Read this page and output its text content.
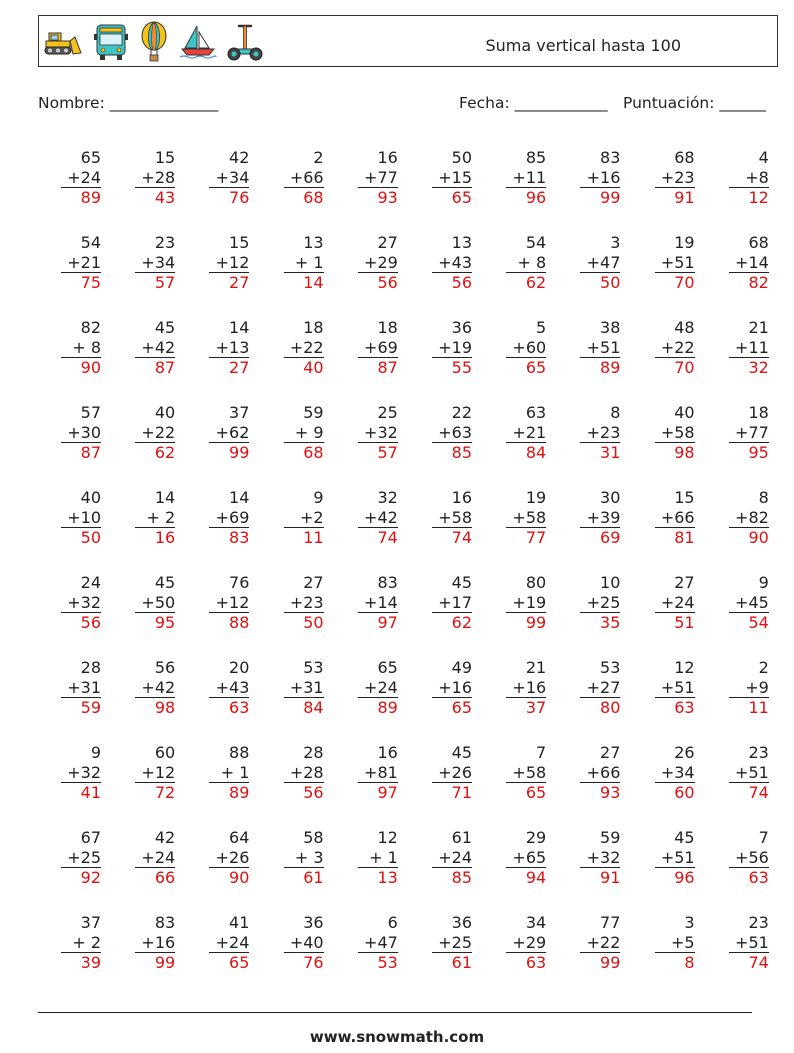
Suma vertical hasta 100
Nombre: ______________	Fecha: ____________ Puntuación: ______
65
+24
89
15
+28
43
42
+34
76
2
+66
68
16
+77
93
50
+15
65
85
+11
96
83
+16
99
68
+23
91
4
+8
12
54
+21
75
23
+34
57
15
+12
27
13
+ 1
14
27
+29
56
13
+43
56
54
+ 8
62
3
+47
50
19
+51
70
68
+14
82
82
+ 8
90
45
+42
87
14
+13
27
18
+22
40
18
+69
87
36
+19
55
5
+60
65
38
+51
89
48
+22
70
21
+11
32
57
+30
87
40
+22
62
37
+62
99
59
+ 9
68
25
+32
57
22
+63
85
63
+21
84
8
+23
31
40
+58
98
18
+77
95
40
+10
50
14
+ 2
16
14
+69
83
9
+2
11
32
+42
74
16
+58
74
19
+58
77
30
+39
69
15
+66
81
8
+82
90
24
+32
56
45
+50
95
76
+12
88
27
+23
50
83
+14
97
45
+17
62
80
+19
99
10
+25
35
27
+24
51
9
+45
54
28
+31
59
56
+42
98
20
+43
63
53
+31
84
65
+24
89
49
+16
65
21
+16
37
53
+27
80
12
+51
63
2
+9
11
9
+32
41
60
+12
72
88
+ 1
89
28
+28
56
16
+81
97
45
+26
71
7
+58
65
27
+66
93
26
+34
60
23
+51
74
67
+25
92
42
+24
66
64
+26
90
58
+ 3
61
12
+ 1
13
61
+24
85
29
+65
94
59
+32
91
45
+51
96
7
+56
63
37
+ 2
39
83
+16
99
41
+24
65
36
+40
76
6
+47
53
36
+25
61
34
+29
63
77
+22
99
3
+5
8
23
+51
74
www.snowmath.com
